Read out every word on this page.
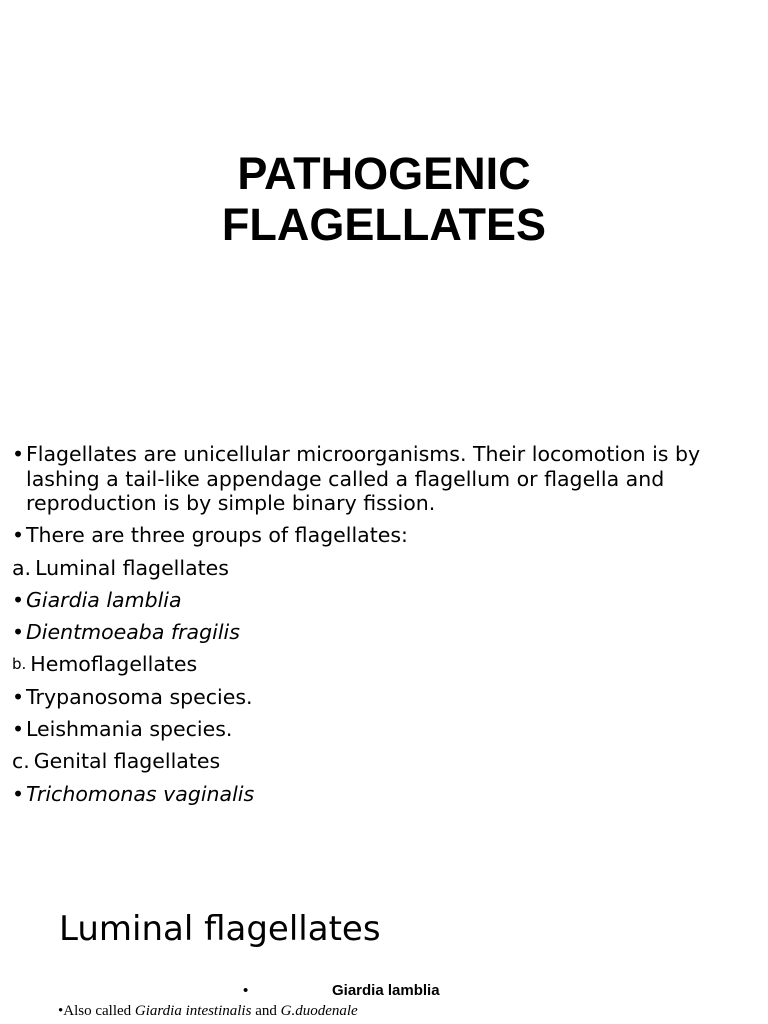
PATHOGENIC
FLAGELLATES
• Flagellates are unicellular microorganisms. Their locomotion is by lashing a tail-like appendage called a flagellum or flagella and reproduction is by simple binary fission.
• There are three groups of flagellates:
a. Luminal flagellates
• Giardia lamblia
• Dientmoeaba fragilis
b. Hemoflagellates
• Trypanosoma species.
• Leishmania species.
c. Genital flagellates
• Trichomonas vaginalis
Luminal flagellates
•	Giardia lamblia
•Also called Giardia intestinalis and G.duodenale
